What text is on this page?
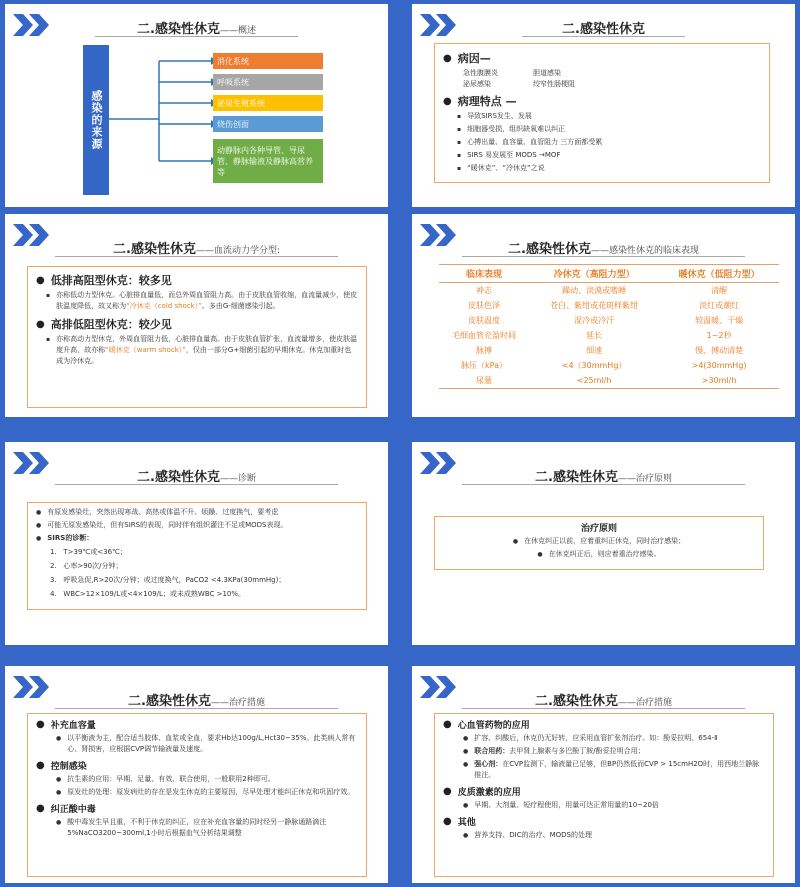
二.感染性休克——概述
感染的来源
消化系统
呼吸系统
泌尿生殖系统
烧伤创面
动静脉内各种导管、导尿管、静脉输液及静脉高营养等
二.感染性休克
● 病因—
急性腹膜炎	胆道感染
泌尿感染	绞窄性肠梗阻
● 病理特点 —
▪ 导致SIRS发生、发展
▪ 细胞器受损，组织缺氧难以纠正
▪ 心搏出量、血容量、血管阻力 三方面都受累
▪ SIRS 易发展至 MODS →MOF
▪ “暖休克”、“冷休克”之说
二.感染性休克——血流动力学分型:
● 低排高阻型休克：较多见
▪ 亦称低动力型休克。心脏排血量低，而总外周血管阻力高。由于皮肤血管收缩，血流量减少，使皮肤温度降低，故又称为“冷休克（cold shock）”。多由G-细菌感染引起。
● 高排低阻型休克：较少见
▪ 亦称高动力型休克，外周血管阻力低，心脏排血量高。由于皮肤血管扩张，血流量增多，使皮肤温度升高，故亦称“暖休克（warm shock）”，仅由一部分G+细菌引起的早期休克。休克加重时也成为冷休克。
二.感染性休克——感染性休克的临床表现
临床表现	冷休克（高阻力型）	暖休克（低阻力型）
神志	躁动、淡漠或嗜睡	清醒
皮肤色泽	苍白、紫绀或花斑样紫绀	淡红或潮红
皮肤温度	湿冷或冷汗	较温暖、干燥
毛细血管充盈时间	延长	1~2秒
脉搏	细速	慢、搏动清楚
脉压（kPa）	<4（30mmHg）	>4(30mmHg)
尿量	<25ml/h	>30ml/h
二.感染性休克——诊断
● 有原发感染灶，突然出现寒战、高热或体温不升、烦躁、过度换气，要考虑
● 可能无原发感染灶，但有SIRS的表现，同时伴有组织灌注不足或MODS表现。
● SIRS的诊断：
1.   T>39℃或<36℃；
2.   心率>90次/分钟；
3.   呼吸急促,R>20次/分钟；或过度换气，PaCO2 <4.3KPa(30mmHg)；
4.   WBC>12×109/L或<4×109/L；或未成熟WBC >10%。
二.感染性休克——治疗原则
治疗原则
● 在休克纠正以前，应着重纠正休克，同时治疗感染；
● 在休克纠正后，则应着重治疗感染。
二.感染性休克——治疗措施
● 补充血容量
● 以平衡液为主，配合适当胶体、血浆或全血，要求Hb达100g/L,Hct30~35%。此类病人常有心、肾损害，应根据CVP调节输液量及速度。
● 控制感染
● 抗生素的应用：早期、足量、有效、联合使用，一般联用2种即可。
● 原发灶的处理：原发病灶的存在是发生休克的主要原因，尽早处理才能纠正休克和巩固疗效。
● 纠正酸中毒
● 酸中毒发生早且重，不利于休克的纠正，应在补充血容量的同时经另一静脉通路滴注5%NaCO3200~300ml,1小时后根据血气分析结果调整
二.感染性休克——治疗措施
● 心血管药物的应用
● 扩容、纠酸后，休克仍无好转，应采用血管扩张剂治疗。如：酚妥拉明、654-Ⅱ
● 联合用药：去甲肾上腺素与多巴酚丁胺/酚妥拉明合用；
● 强心剂：在CVP监测下，输液量已足够，但BP仍然低而CVP > 15cmH2O时，用西地兰静脉推注。
● 皮质激素的应用
● 早期、大剂量、短疗程使用，用量可达正常用量的10~20倍
● 其他
● 营养支持、DIC的治疗、MODS的处理
